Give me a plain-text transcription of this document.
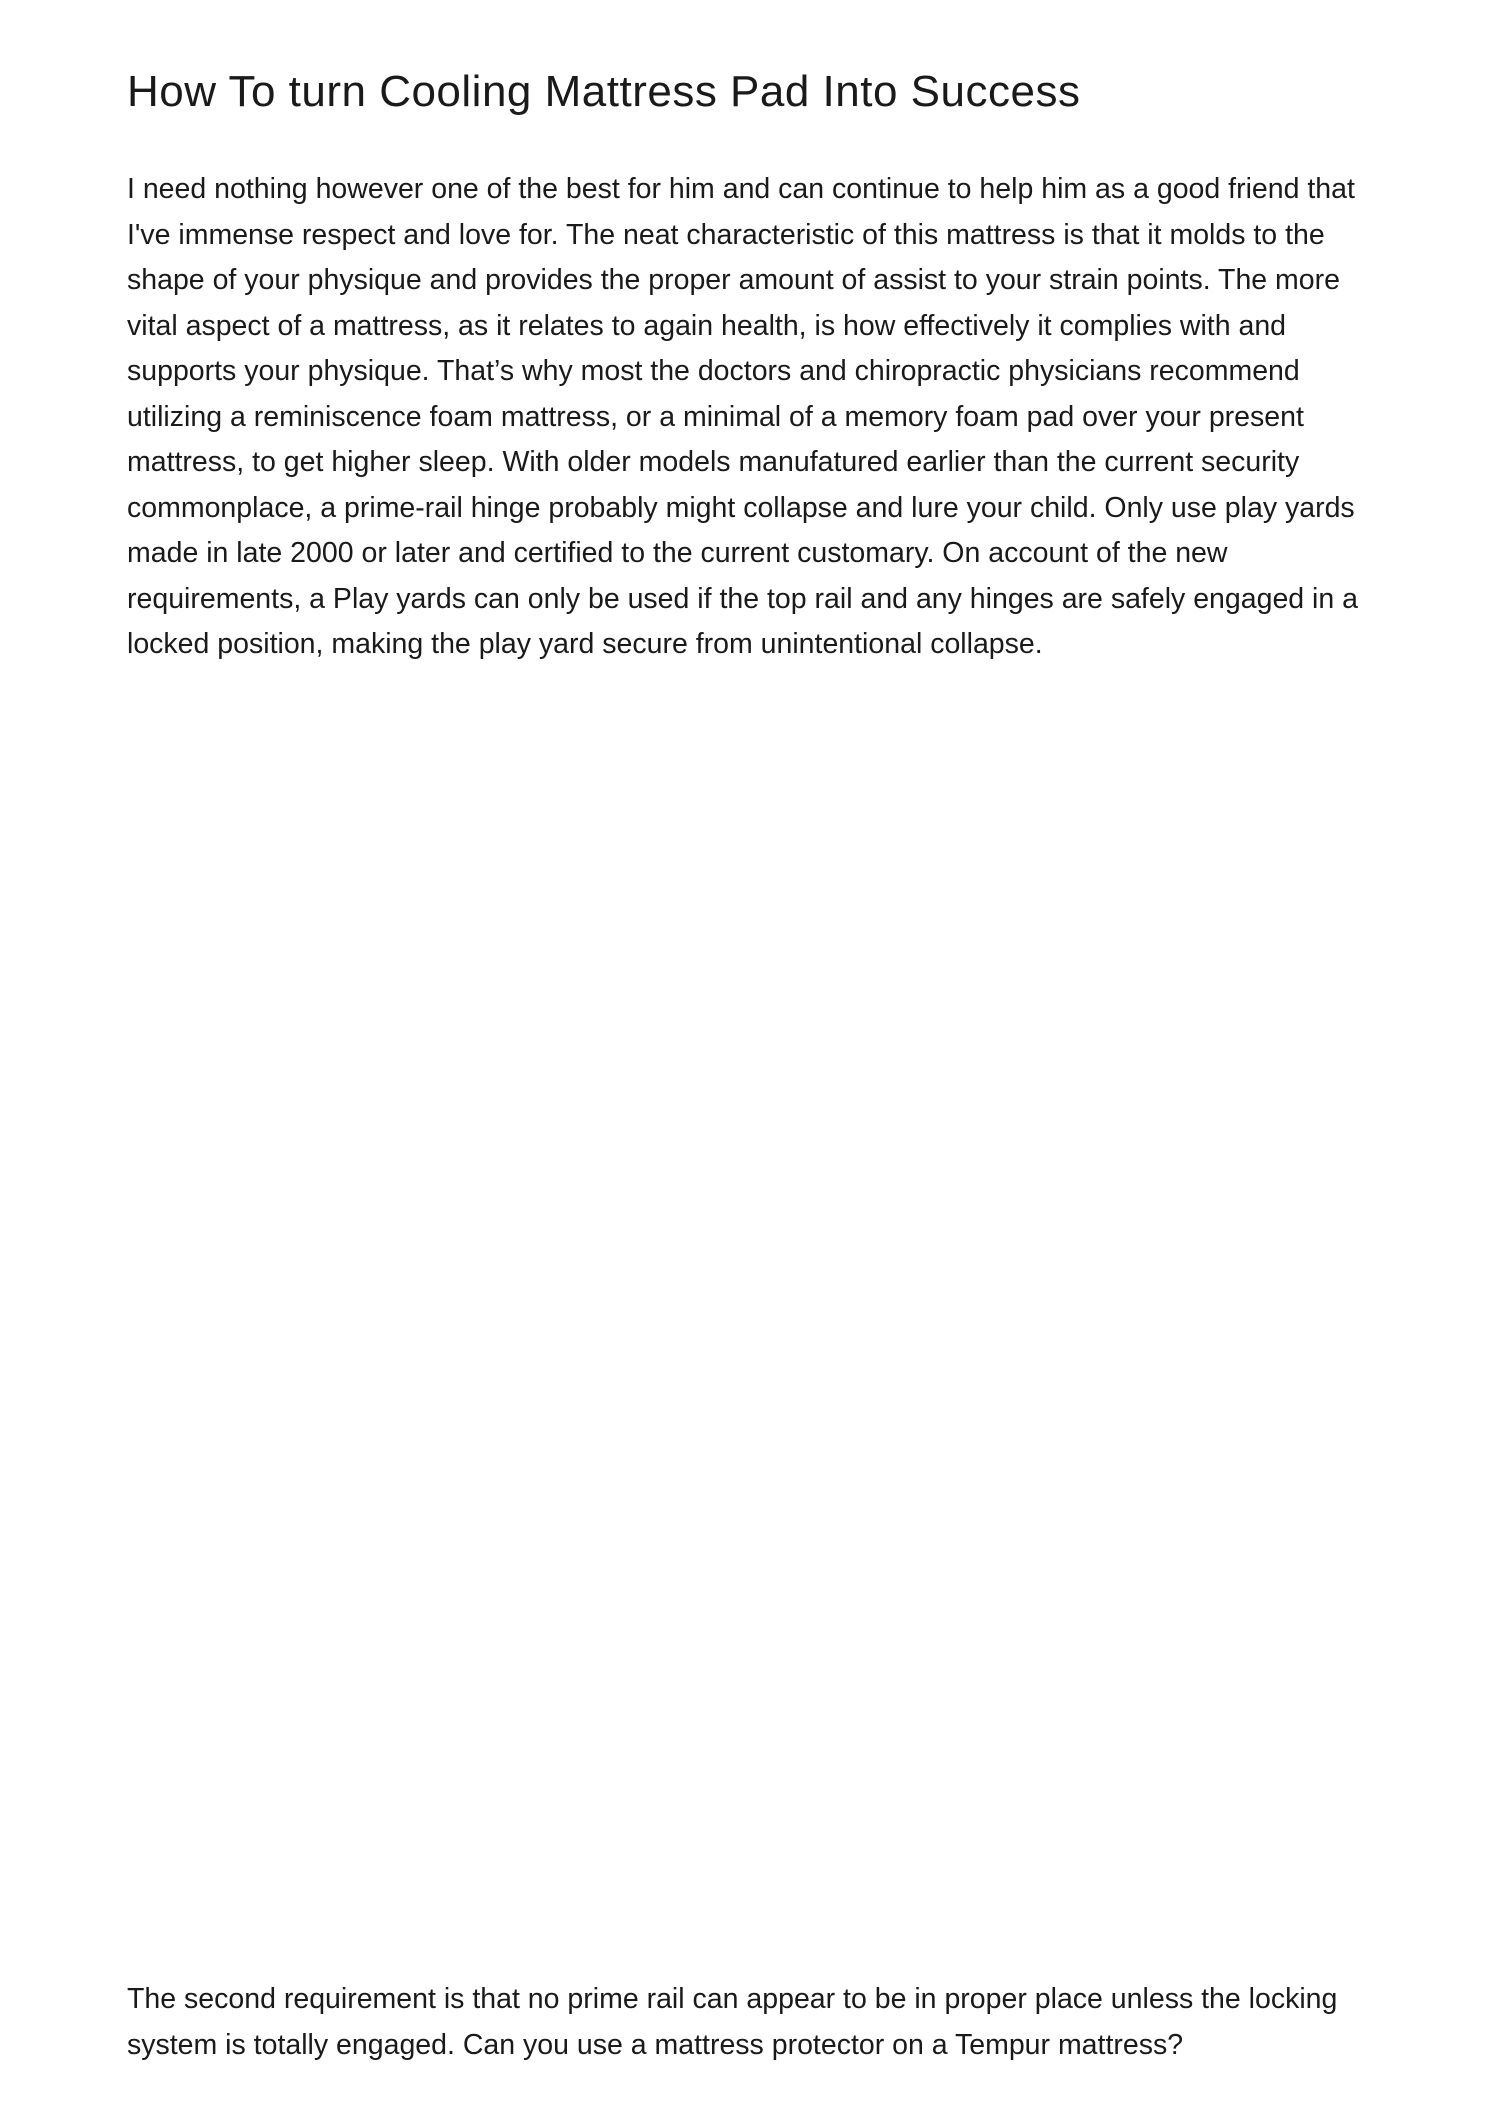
How To turn Cooling Mattress Pad Into Success

I need nothing however one of the best for him and can continue to help him as a good friend that I've immense respect and love for. The neat characteristic of this mattress is that it molds to the shape of your physique and provides the proper amount of assist to your strain points. The more vital aspect of a mattress, as it relates to again health, is how effectively it complies with and supports your physique. That’s why most the doctors and chiropractic physicians recommend utilizing a reminiscence foam mattress, or a minimal of a memory foam pad over your present mattress, to get higher sleep. With older models manufatured earlier than the current security commonplace, a prime-rail hinge probably might collapse and lure your child. Only use play yards made in late 2000 or later and certified to the current customary. On account of the new requirements, a Play yards can only be used if the top rail and any hinges are safely engaged in a locked position, making the play yard secure from unintentional collapse.

The second requirement is that no prime rail can appear to be in proper place unless the locking system is totally engaged. Can you use a mattress protector on a Tempur mattress?
